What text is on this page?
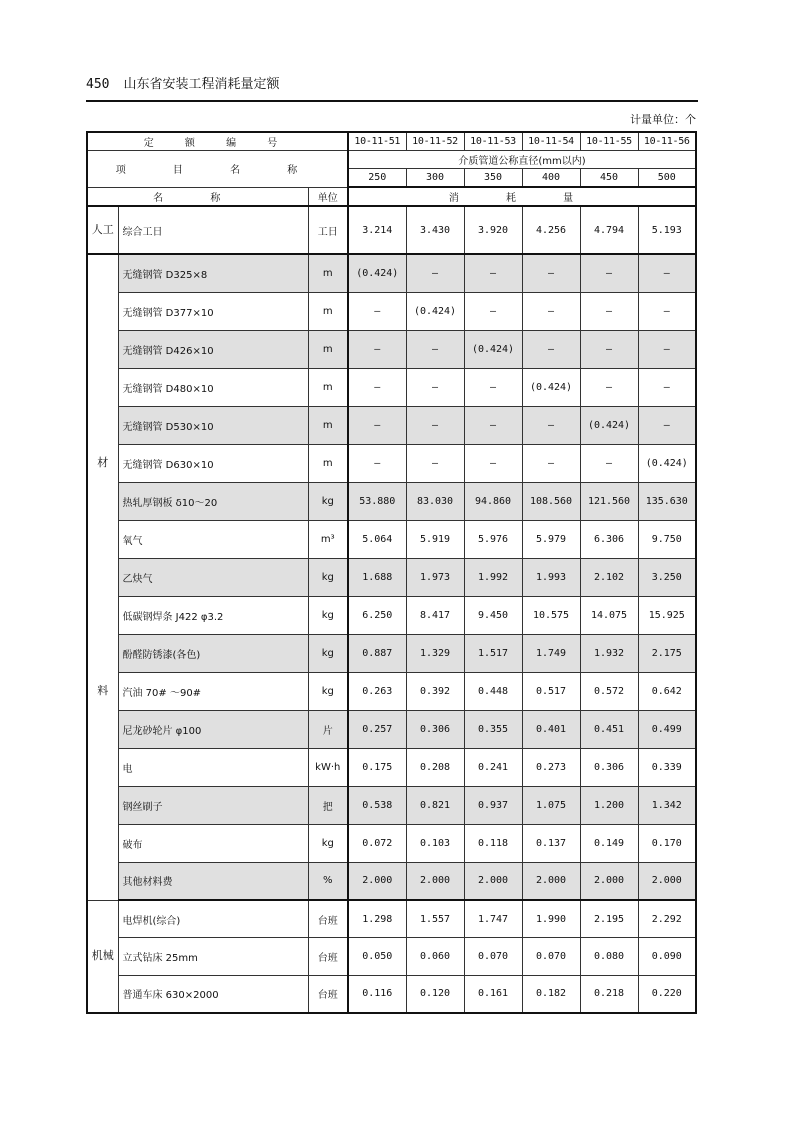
450 山东省安装工程消耗量定额
计量单位：个
定 额 编 号			10-11-51	10-11-52	10-11-53	10-11-54	10-11-55	10-11-56
项 目 名 称			介质管道公称直径(mm以内)					
			250	300	350	400	450	500
名 称		单位	消 耗 量					
人工	综合工日	工日	3.214	3.430	3.920	4.256	4.794	5.193

材
料	无缝钢管 D325×8	m	(0.424)	—	—	—	—	—
	无缝钢管 D377×10	m	—	(0.424)	—	—	—	—
	无缝钢管 D426×10	m	—	—	(0.424)	—	—	—
	无缝钢管 D480×10	m	—	—	—	(0.424)	—	—
	无缝钢管 D530×10	m	—	—	—	—	(0.424)	—
	无缝钢管 D630×10	m	—	—	—	—	—	(0.424)
	热轧厚钢板 δ10～20	kg	53.880	83.030	94.860	108.560	121.560	135.630
	氧气	m³	5.064	5.919	5.976	5.979	6.306	9.750
	乙炔气	kg	1.688	1.973	1.992	1.993	2.102	3.250
	低碳钢焊条 J422 φ3.2	kg	6.250	8.417	9.450	10.575	14.075	15.925
	酚醛防锈漆(各色)	kg	0.887	1.329	1.517	1.749	1.932	2.175
	汽油 70# ～90#	kg	0.263	0.392	0.448	0.517	0.572	0.642
	尼龙砂轮片 φ100	片	0.257	0.306	0.355	0.401	0.451	0.499
	电	kW·h	0.175	0.208	0.241	0.273	0.306	0.339
	钢丝刷子	把	0.538	0.821	0.937	1.075	1.200	1.342
	破布	kg	0.072	0.103	0.118	0.137	0.149	0.170
	其他材料费	%	2.000	2.000	2.000	2.000	2.000	2.000
机械	电焊机(综合)	台班	1.298	1.557	1.747	1.990	2.195	2.292
	立式钻床 25mm	台班	0.050	0.060	0.070	0.070	0.080	0.090
	普通车床 630×2000	台班	0.116	0.120	0.161	0.182	0.218	0.220
